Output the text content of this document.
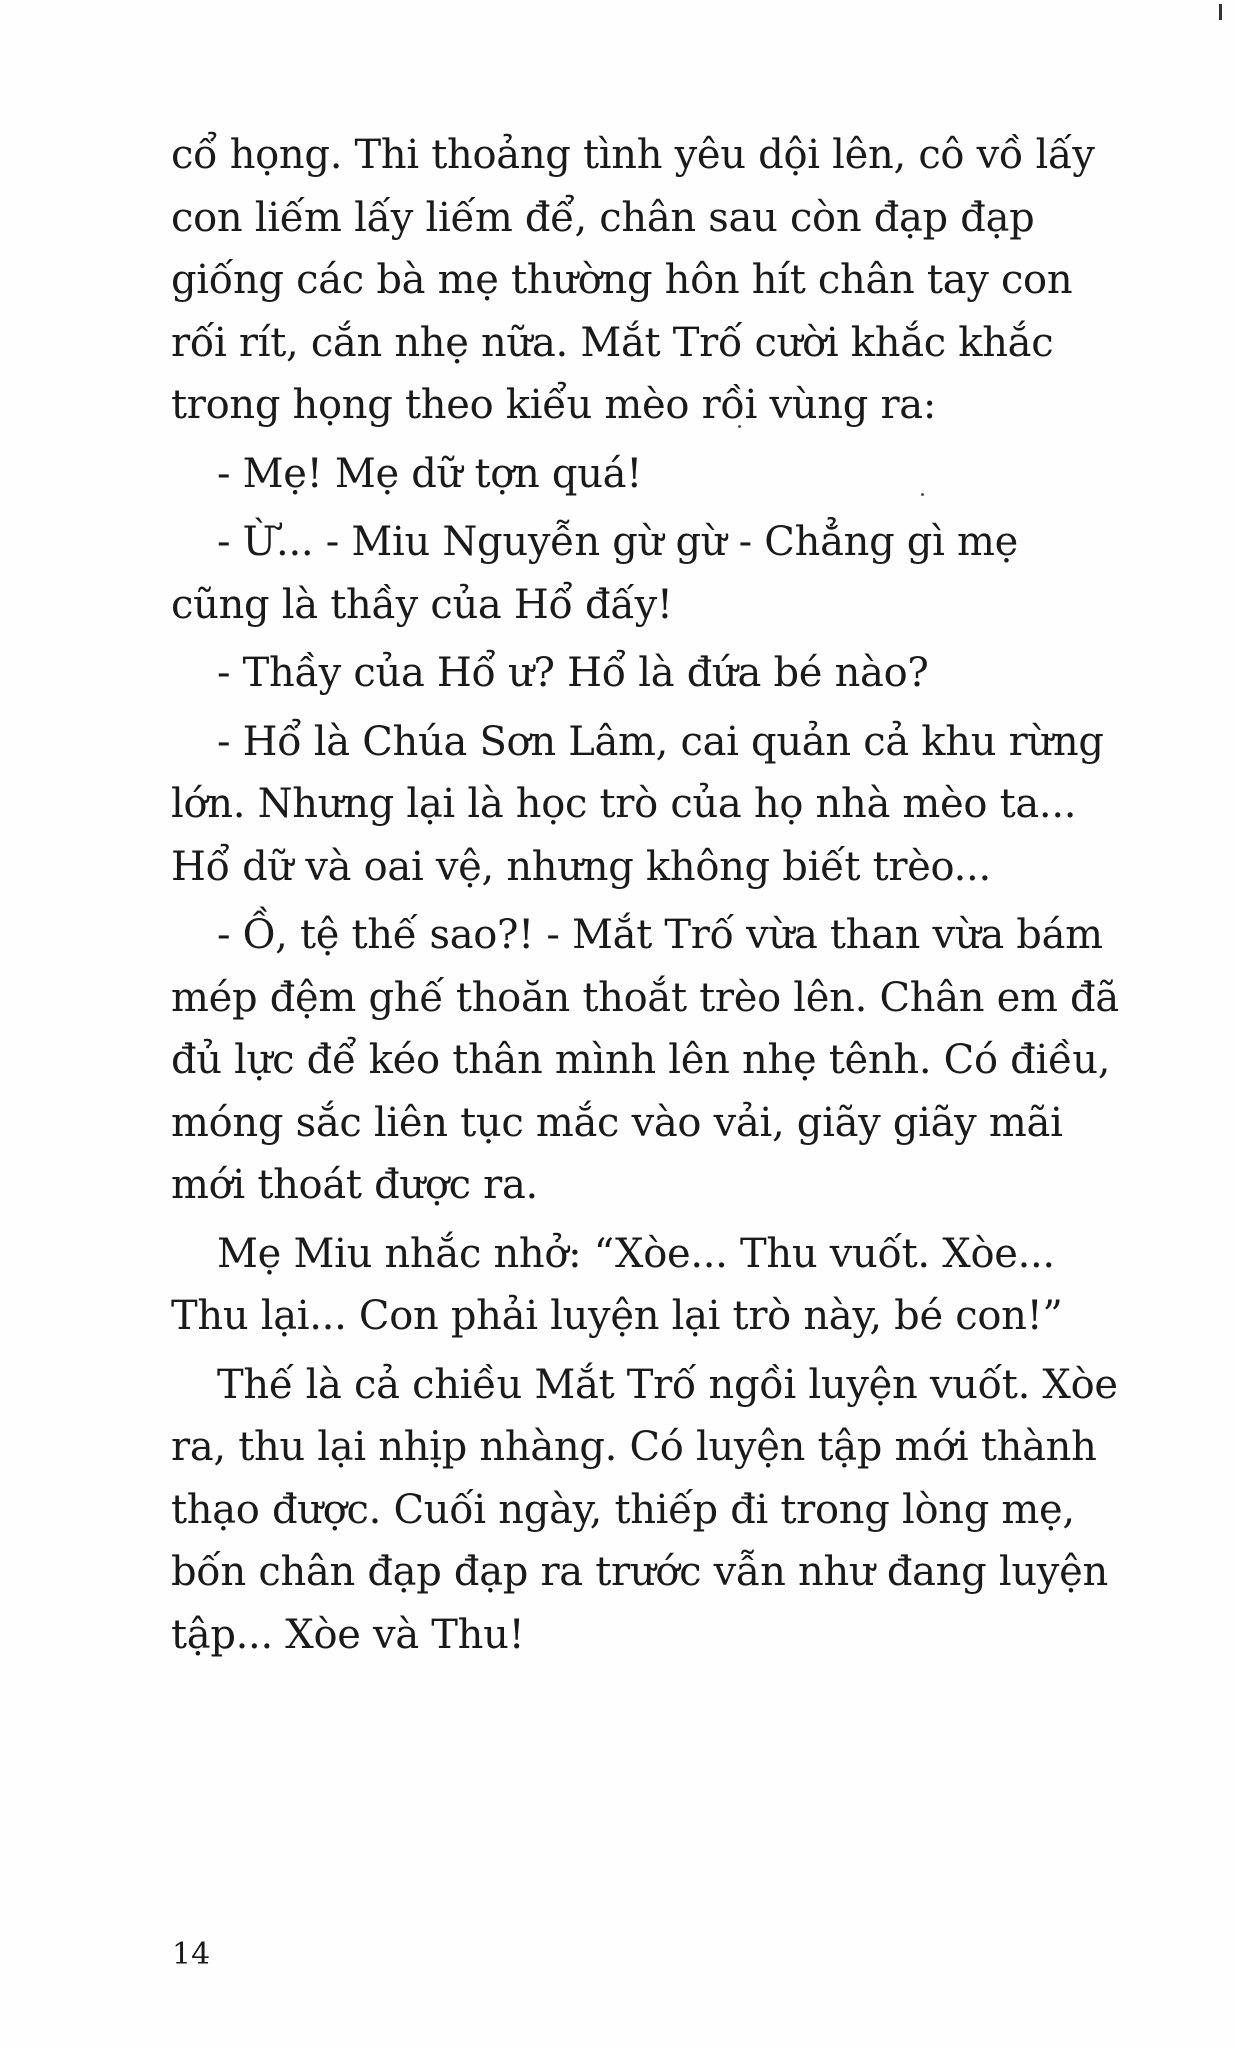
cổ họng. Thi thoảng tình yêu dội lên, cô vồ lấy con liếm lấy liếm để, chân sau còn đạp đạp giống các bà mẹ thường hôn hít chân tay con rối rít, cắn nhẹ nữa. Mắt Trố cười khắc khắc trong họng theo kiểu mèo rồi vùng ra:

- Mẹ! Mẹ dữ tợn quá!

- Ừ... - Miu Nguyễn gừ gừ - Chẳng gì mẹ cũng là thầy của Hổ đấy!

- Thầy của Hổ ư? Hổ là đứa bé nào?

- Hổ là Chúa Sơn Lâm, cai quản cả khu rừng lớn. Nhưng lại là học trò của họ nhà mèo ta... Hổ dữ và oai vệ, nhưng không biết trèo...

- Ồ, tệ thế sao?! - Mắt Trố vừa than vừa bám mép đệm ghế thoăn thoắt trèo lên. Chân em đã đủ lực để kéo thân mình lên nhẹ tênh. Có điều, móng sắc liên tục mắc vào vải, giãy giãy mãi mới thoát được ra.

Mẹ Miu nhắc nhở: “Xòe... Thu vuốt. Xòe... Thu lại... Con phải luyện lại trò này, bé con!”

Thế là cả chiều Mắt Trố ngồi luyện vuốt. Xòe ra, thu lại nhịp nhàng. Có luyện tập mới thành thạo được. Cuối ngày, thiếp đi trong lòng mẹ, bốn chân đạp đạp ra trước vẫn như đang luyện tập... Xòe và Thu!

14
